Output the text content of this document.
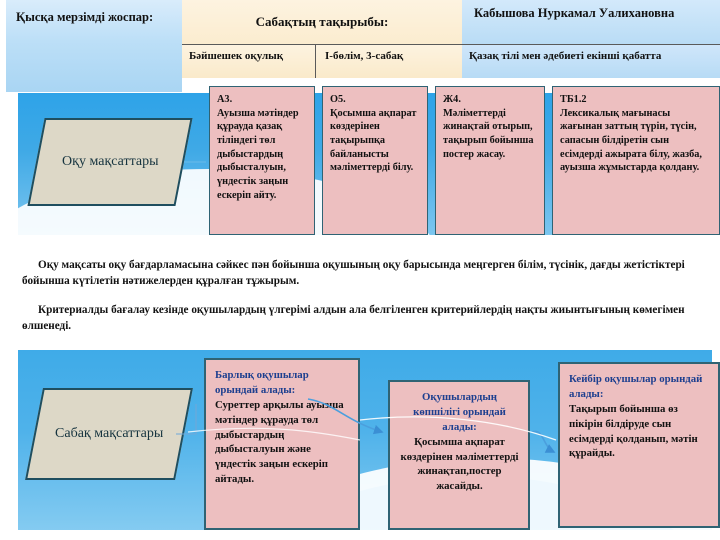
Қысқа мерзімді жоспар:	Сабақтың тақырыбы:
Кабышова Нуркамал Уалихановна
Бәйшешек оқулық	I-бөлім, 3-сабақ	Қазақ тілі мен әдебиеті екінші қабатта
Оқу мақсаттары
А3.
Ауызша мәтіндер құрауда қазақ тіліндегі төл дыбыстардың дыбысталуын, үндестік заңын ескеріп айту.
О5.
Қосымша ақпарат көздерінен тақырыпқа байланысты мәліметтерді білу.
Ж4.
Мәліметтерді жинақтай отырып, тақырып бойынша постер жасау.
ТБ1.2
Лексикалық мағынасы жағынан заттың түрін, түсін, сапасын білдіретін сын есімдерді ажырата білу, жазба, ауызша жұмыстарда қолдану.

Оқу мақсаты оқу бағдарламасына сәйкес пән бойынша оқушының оқу барысында меңгерген білім, түсінік, дағды жетістіктері бойынша күтілетін нәтижелерден құралған тұжырым.

Критериалды бағалау кезінде оқушылардың үлгерімі алдын ала белгіленген критерийлердің нақты жиынтығының көмегімен өлшенеді.

Сабақ мақсаттары
Барлық оқушылар орындай алады:
Суреттер арқылы ауызша мәтіндер құрауда төл дыбыстардың дыбысталуын және үндестік заңын ескеріп айтады.
Оқушылардың көпшілігі орындай алады:
Қосымша ақпарат көздерінен мәліметтерді жинақтап,постер жасайды.
Кейбір оқушылар орындай алады:
Тақырып бойынша өз пікірін білдіруде сын есімдерді қолданып, мәтін құрайды.
